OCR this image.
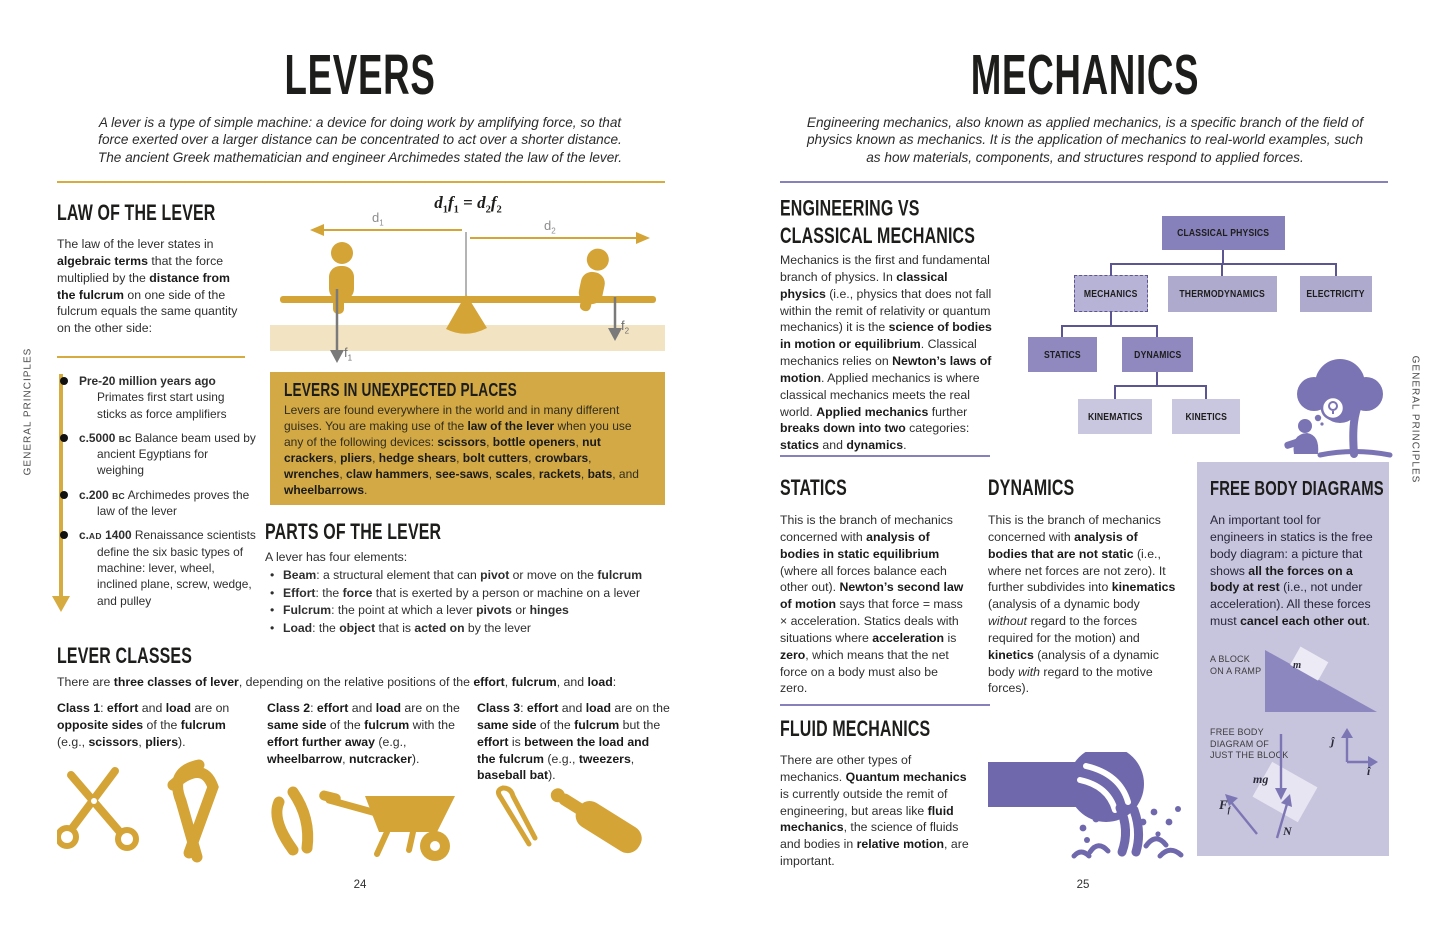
GENERAL PRINCIPLES
LEVERS
A lever is a type of simple machine: a device for doing work by amplifying force, so that force exerted over a larger distance can be concentrated to act over a shorter distance. The ancient Greek mathematician and engineer Archimedes stated the law of the lever.
LAW OF THE LEVER
The law of the lever states in algebraic terms that the force multiplied by the distance from the fulcrum on one side of the fulcrum equals the same quantity on the other side:
Pre-20 million years ago
Primates first start using sticks as force amplifiers
c.5000 BC Balance beam used by ancient Egyptians for weighing
c.200 BC Archimedes proves the law of the lever
c.AD 1400 Renaissance scientists define the six basic types of machine: lever, wheel, inclined plane, screw, wedge, and pulley
$d_1f_1 = d_2f_2$
$d_1$	$d_2$
$f_1$
$f_2$
LEVERS IN UNEXPECTED PLACES
Levers are found everywhere in the world and in many different guises. You are making use of the law of the lever when you use any of the following devices: scissors, bottle openers, nut crackers, pliers, hedge shears, bolt cutters, crowbars, wrenches, claw hammers, see-saws, scales, rackets, bats, and wheelbarrows.
PARTS OF THE LEVER
A lever has four elements:
• Beam: a structural element that can pivot or move on the fulcrum
• Effort: the force that is exerted by a person or machine on a lever
• Fulcrum: the point at which a lever pivots or hinges
• Load: the object that is acted on by the lever
LEVER CLASSES
There are three classes of lever, depending on the relative positions of the effort, fulcrum, and load:
Class 1: effort and load are on opposite sides of the fulcrum (e.g., scissors, pliers).
Class 2: effort and load are on the same side of the fulcrum with the effort further away (e.g., wheelbarrow, nutcracker).
Class 3: effort and load are on the same side of the fulcrum but the effort is between the load and the fulcrum (e.g., tweezers, baseball bat).
24
GENERAL PRINCIPLES
MECHANICS
Engineering mechanics, also known as applied mechanics, is a specific branch of the field of physics known as mechanics. It is the application of mechanics to real-world examples, such as how materials, components, and structures respond to applied forces.
ENGINEERING VS
CLASSICAL MECHANICS
Mechanics is the first and fundamental branch of physics. In classical physics (i.e., physics that does not fall within the remit of relativity or quantum mechanics) it is the science of bodies in motion or equilibrium. Classical mechanics relies on Newton’s laws of motion. Applied mechanics is where classical mechanics meets the real world. Applied mechanics further breaks down into two categories: statics and dynamics.
CLASSICAL PHYSICS
MECHANICS	THERMODYNAMICS	ELECTRICITY
STATICS	DYNAMICS
KINEMATICS	KINETICS
STATICS
This is the branch of mechanics concerned with analysis of bodies in static equilibrium (where all forces balance each other out). Newton’s second law of motion says that force = mass × acceleration. Statics deals with situations where acceleration is zero, which means that the net force on a body must also be zero.
DYNAMICS
This is the branch of mechanics concerned with analysis of bodies that are not static (i.e., where net forces are not zero). It further subdivides into kinematics (analysis of a dynamic body without regard to the forces required for the motion) and kinetics (analysis of a dynamic body with regard to the motive forces).
FREE BODY DIAGRAMS
An important tool for engineers in statics is the free body diagram: a picture that shows all the forces on a body at rest (i.e., not under acceleration). All these forces must cancel each other out.
A BLOCK
ON A RAMP
FREE BODY
DIAGRAM OF
JUST THE BLOCK
m
mg
$F_f$
N
ĵ
î
FLUID MECHANICS
There are other types of mechanics. Quantum mechanics is currently outside the remit of engineering, but areas like fluid mechanics, the science of fluids and bodies in relative motion, are important.
25
